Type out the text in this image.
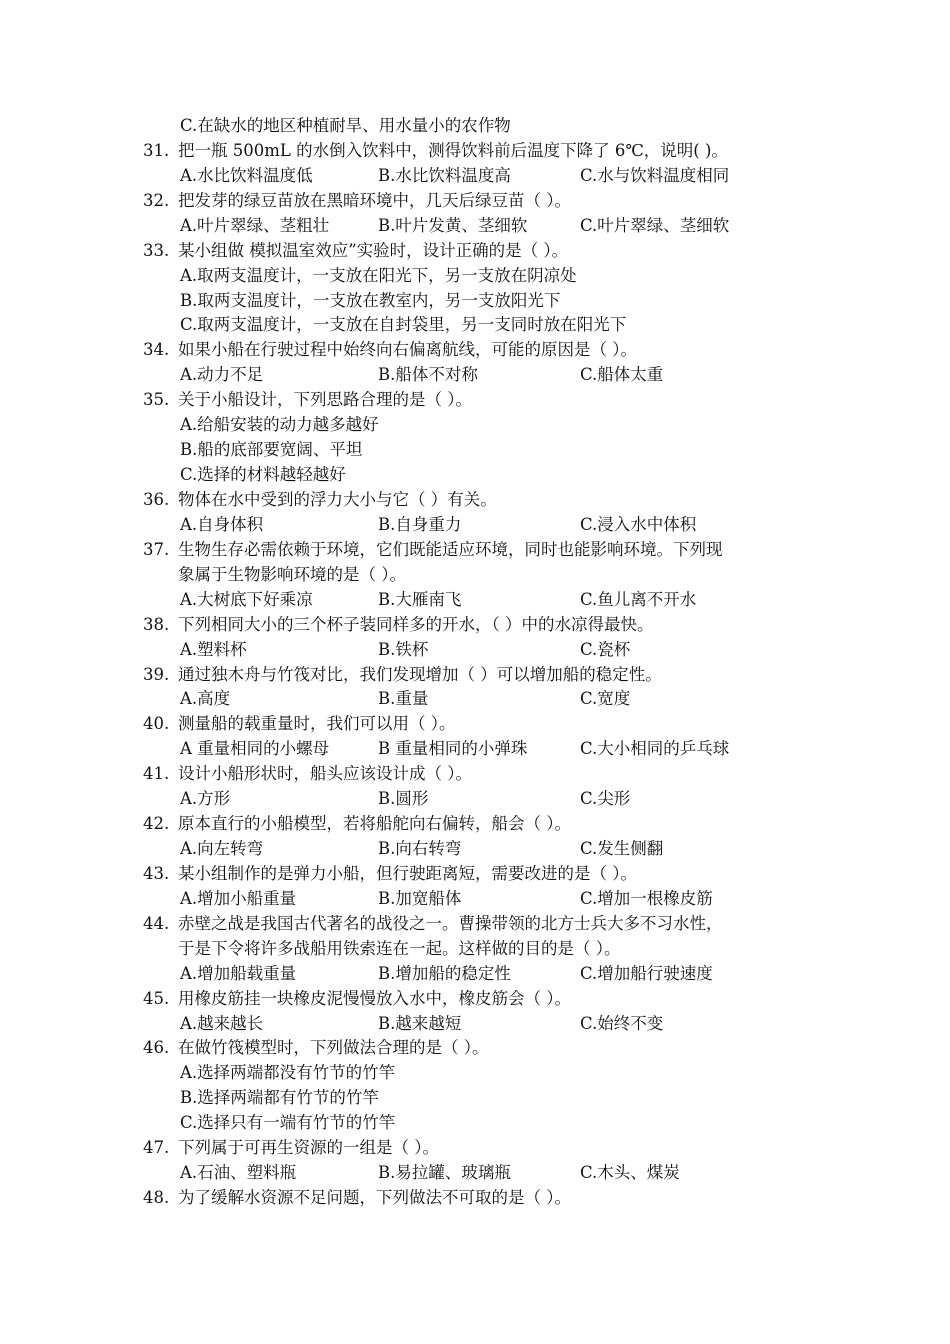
C.在缺水的地区种植耐旱、用水量小的农作物
31. 把一瓶 500mL 的水倒入饮料中，测得饮料前后温度下降了 6℃，说明( )。
A.水比饮料温度低	B.水比饮料温度高	C.水与饮料温度相同
32. 把发芽的绿豆苗放在黑暗环境中，几天后绿豆苗（ ）。
A.叶片翠绿、茎粗壮	B.叶片发黄、茎细软	C.叶片翠绿、茎细软
33. 某小组做 模拟温室效应”实验时，设计正确的是（ ）。
A.取两支温度计，一支放在阳光下，另一支放在阴凉处
B.取两支温度计，一支放在教室内，另一支放阳光下
C.取两支温度计，一支放在自封袋里，另一支同时放在阳光下
34. 如果小船在行驶过程中始终向右偏离航线，可能的原因是（ ）。
A.动力不足	B.船体不对称	C.船体太重
35. 关于小船设计，下列思路合理的是（ ）。
A.给船安装的动力越多越好
B.船的底部要宽阔、平坦
C.选择的材料越轻越好
36. 物体在水中受到的浮力大小与它（ ）有关。
A.自身体积	B.自身重力	C.浸入水中体积
37. 生物生存必需依赖于环境，它们既能适应环境，同时也能影响环境。下列现
象属于生物影响环境的是（ ）。
A.大树底下好乘凉	B.大雁南飞	C.鱼儿离不开水
38. 下列相同大小的三个杯子装同样多的开水，（ ）中的水凉得最快。
A.塑料杯	B.铁杯	C.瓷杯
39. 通过独木舟与竹筏对比，我们发现增加（ ）可以增加船的稳定性。
A.高度	B.重量	C.宽度
40. 测量船的载重量时，我们可以用（ ）。
A 重量相同的小螺母	B 重量相同的小弹珠	C.大小相同的乒乓球
41. 设计小船形状时，船头应该设计成（ ）。
A.方形	B.圆形	C.尖形
42. 原本直行的小船模型，若将船舵向右偏转，船会（ ）。
A.向左转弯	B.向右转弯	C.发生侧翻
43. 某小组制作的是弹力小船，但行驶距离短，需要改进的是（ ）。
A.增加小船重量	B.加宽船体	C.增加一根橡皮筋
44. 赤壁之战是我国古代著名的战役之一。曹操带领的北方士兵大多不习水性，
于是下令将许多战船用铁索连在一起。这样做的目的是（ ）。
A.增加船载重量	B.增加船的稳定性	C.增加船行驶速度
45. 用橡皮筋挂一块橡皮泥慢慢放入水中，橡皮筋会（ ）。
A.越来越长	B.越来越短	C.始终不变
46. 在做竹筏模型时，下列做法合理的是（ ）。
A.选择两端都没有竹节的竹竿
B.选择两端都有竹节的竹竿
C.选择只有一端有竹节的竹竿
47. 下列属于可再生资源的一组是（ ）。
A.石油、塑料瓶	B.易拉罐、玻璃瓶	C.木头、煤炭
48. 为了缓解水资源不足问题，下列做法不可取的是（ ）。
